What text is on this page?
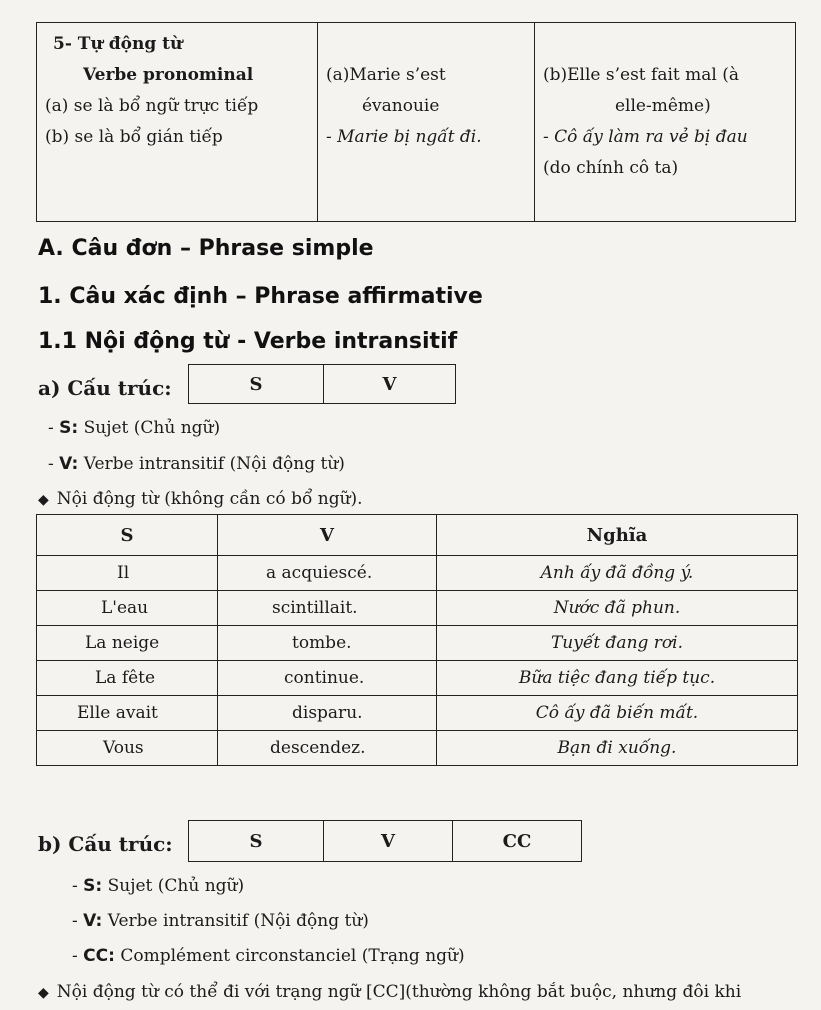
5- Tự động từ
Verbe pronominal
(a) se là bổ ngữ trực tiếp
(b) se là bổ gián tiếp

(a)Marie s’est
évanouie
- Marie bị ngất đi.

(b)Elle s’est fait mal (à
elle-même)
- Cô ấy làm ra vẻ bị đau
(do chính cô ta)
A. Câu đơn – Phrase simple
1. Câu xác định – Phrase affirmative
1.1 Nội động từ - Verbe intransitif
a) Cấu trúc:	S	V
- S: Sujet (Chủ ngữ)
- V: Verbe intransitif (Nội động từ)
◆ Nội động từ (không cần có bổ ngữ).
S	V	Nghĩa
Il	a acquiescé.	Anh ấy đã đồng ý.
L'eau	scintillait.	Nước đã phun.
La neige	tombe.	Tuyết đang rơi.
La fête	continue.	Bữa tiệc đang tiếp tục.
Elle avait	disparu.	Cô ấy đã biến mất.
Vous	descendez.	Bạn đi xuống.
b) Cấu trúc:	S	V	CC
- S: Sujet (Chủ ngữ)
- V: Verbe intransitif (Nội động từ)
- CC: Complément circonstanciel (Trạng ngữ)
◆ Nội động từ có thể đi với trạng ngữ [CC](thường không bắt buộc, nhưng đôi khi
